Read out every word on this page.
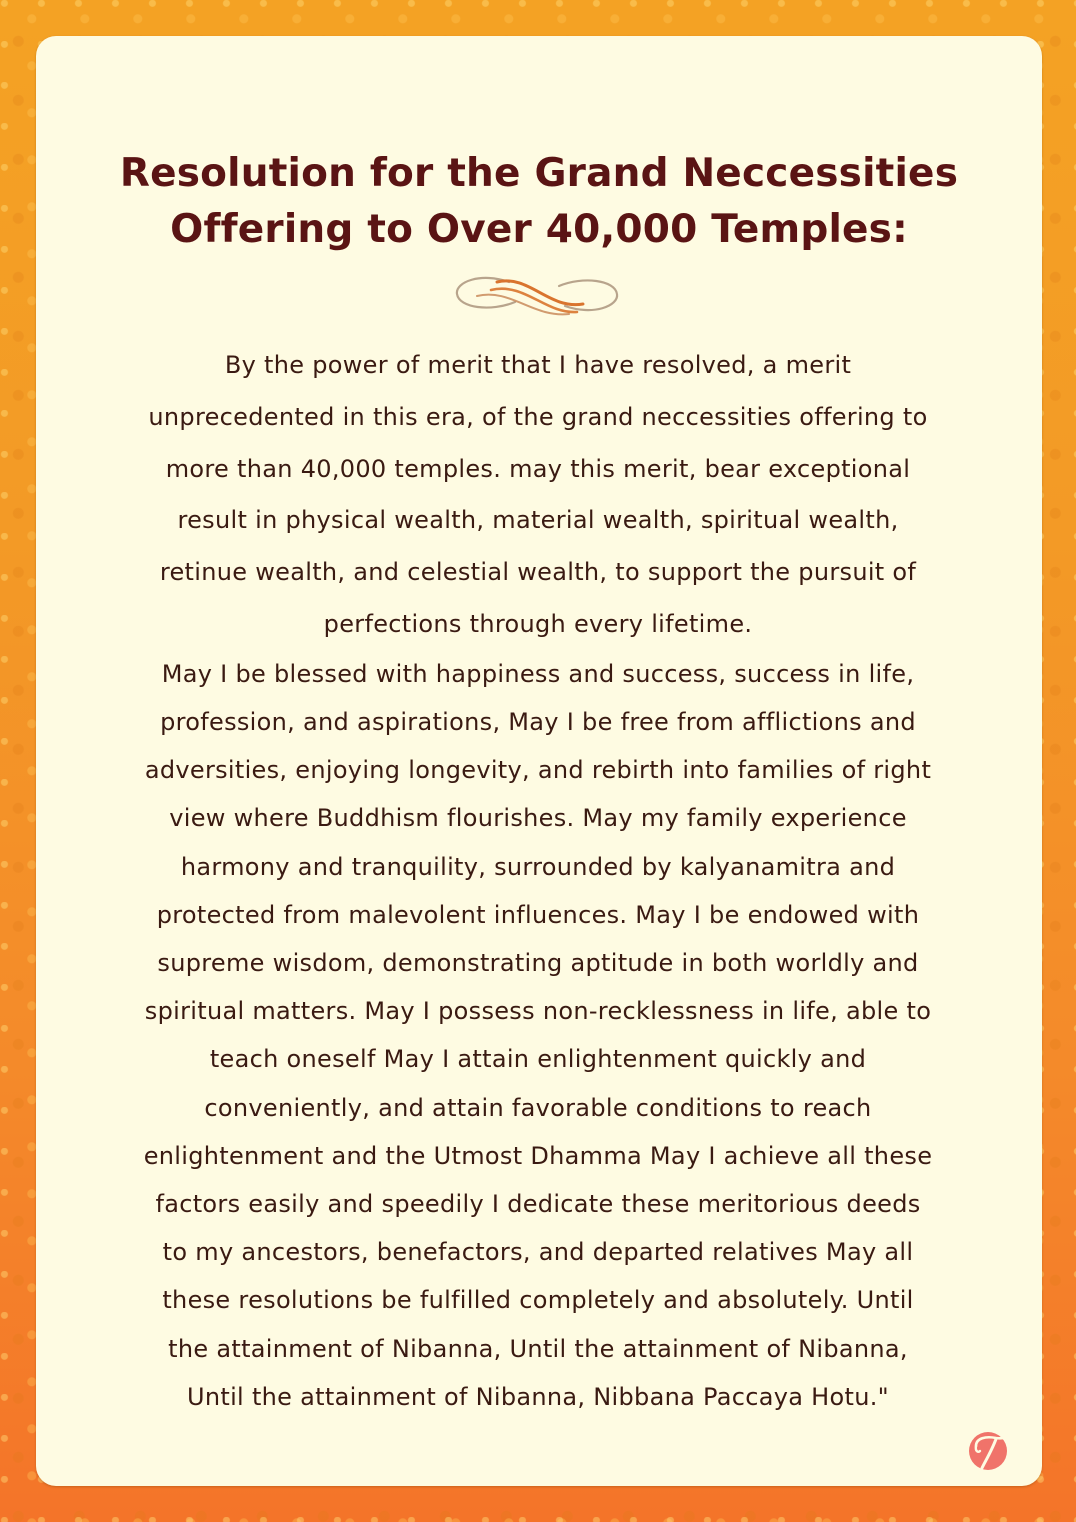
Resolution for the Grand Neccessities
Offering to Over 40,000 Temples:
By the power of merit that I have resolved, a merit
unprecedented in this era, of the grand neccessities offering to
more than 40,000 temples. may this merit, bear exceptional
result in physical wealth, material wealth, spiritual wealth,
retinue wealth, and celestial wealth, to support the pursuit of
perfections through every lifetime.
May I be blessed with happiness and success, success in life,
profession, and aspirations, May I be free from afflictions and
adversities, enjoying longevity, and rebirth into families of right
view where Buddhism flourishes. May my family experience
harmony and tranquility, surrounded by kalyanamitra and
protected from malevolent influences. May I be endowed with
supreme wisdom, demonstrating aptitude in both worldly and
spiritual matters. May I possess non-recklessness in life, able to
teach oneself May I attain enlightenment quickly and
conveniently, and attain favorable conditions to reach
enlightenment and the Utmost Dhamma May I achieve all these
factors easily and speedily I dedicate these meritorious deeds
to my ancestors, benefactors, and departed relatives May all
these resolutions be fulfilled completely and absolutely. Until
the attainment of Nibanna, Until the attainment of Nibanna,
Until the attainment of Nibanna, Nibbana Paccaya Hotu."
